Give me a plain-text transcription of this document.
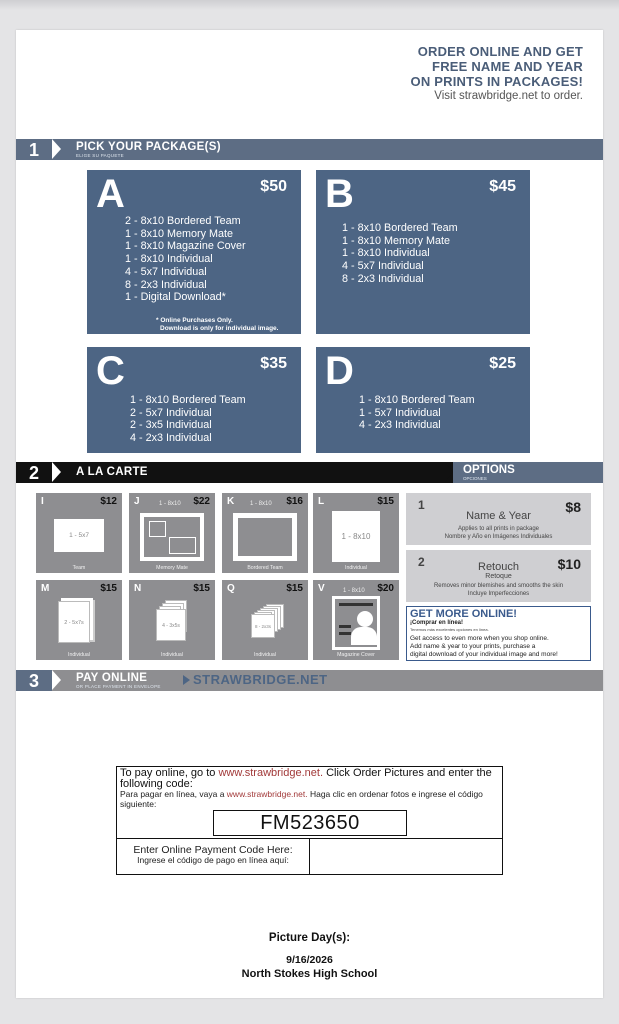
ORDER ONLINE AND GET
FREE NAME AND YEAR
ON PRINTS IN PACKAGES!
Visit strawbridge.net to order.
1	PICK YOUR PACKAGE(S)
ELIGE SU PAQUETE
A	$50
2 - 8x10 Bordered Team
1 - 8x10 Memory Mate
1 - 8x10 Magazine Cover
1 - 8x10 Individual
4 - 5x7 Individual
8 - 2x3 Individual
1 - Digital Download*
* Online Purchases Only.
Download is only for individual image.
B	$45
1 - 8x10 Bordered Team
1 - 8x10 Memory Mate
1 - 8x10 Individual
4 - 5x7 Individual
8 - 2x3 Individual
C	$35
1 - 8x10 Bordered Team
2 - 5x7 Individual
2 - 3x5 Individual
4 - 2x3 Individual
D	$25
1 - 8x10 Bordered Team
1 - 5x7 Individual
4 - 2x3 Individual
2	A LA CARTE	OPTIONS
OPCIONES
I	$12
1 - 5x7
Team
J	$22
1 - 8x10
Memory Mate
K	$16
1 - 8x10
Bordered Team
L	$15
1 - 8x10
Individual
M	$15
2 - 5x7s
Individual
N	$15
4 - 3x5s
Individual
Q	$15
8 - 2x3s
Individual
V	$20
1 - 8x10
Magazine Cover
1	$8
Name & Year
Applies to all prints in package
Nombre y Año en Imágenes Individuales
2	$10
Retouch
Retoque
Removes minor blemishes and smooths the skin
Incluye Imperfecciones
GET MORE ONLINE!
¡Comprar en línea!
Tenemos más excelentes opciones en línea.
Get access to even more when you shop online.
Add name & year to your prints, purchase a
digital download of your individual image and more!
3	PAY ONLINE
OR PLACE PAYMENT IN ENVELOPE STRAWBRIDGE.NET
To pay online, go to www.strawbridge.net. Click Order Pictures and enter the following code:
Para pagar en línea, vaya a www.strawbridge.net. Haga clic en ordenar fotos e ingrese el código siguiente:
FM523650
Enter Online Payment Code Here:
Ingrese el código de pago en línea aquí:
Picture Day(s):
9/16/2026
North Stokes High School
